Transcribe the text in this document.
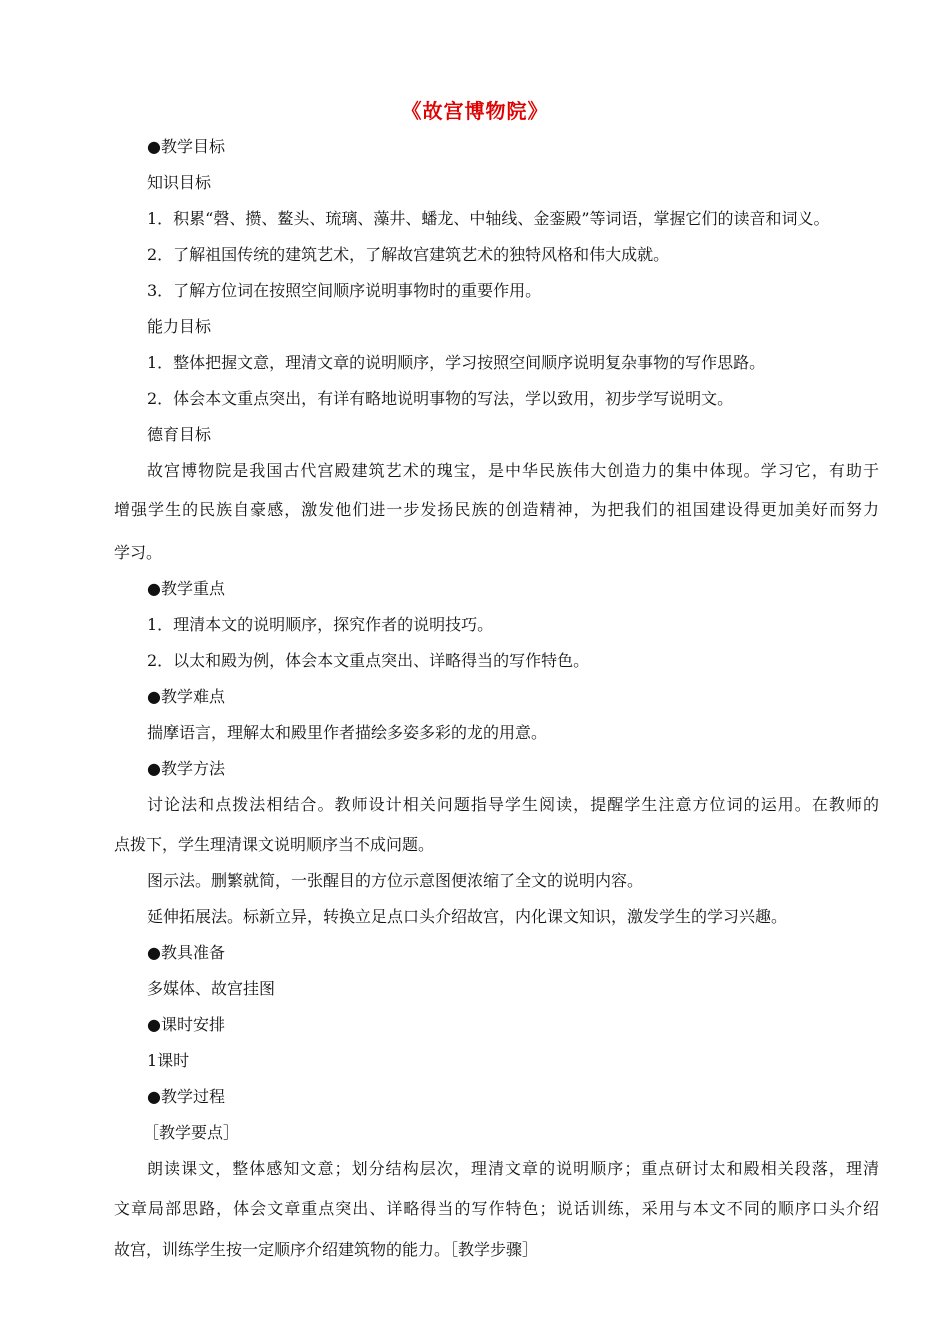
《故宫博物院》
●教学目标
知识目标
1．积累“磬、攒、鳌头、琉璃、藻井、蟠龙、中轴线、金銮殿”等词语，掌握它们的读音和词义。
2．了解祖国传统的建筑艺术，了解故宫建筑艺术的独特风格和伟大成就。
3．了解方位词在按照空间顺序说明事物时的重要作用。
能力目标
1．整体把握文意，理清文章的说明顺序，学习按照空间顺序说明复杂事物的写作思路。
2．体会本文重点突出，有详有略地说明事物的写法，学以致用，初步学写说明文。
德育目标
故宫博物院是我国古代宫殿建筑艺术的瑰宝，是中华民族伟大创造力的集中体现。学习它，有助于
增强学生的民族自豪感，激发他们进一步发扬民族的创造精神，为把我们的祖国建设得更加美好而努力
学习。
●教学重点
1．理清本文的说明顺序，探究作者的说明技巧。
2．以太和殿为例，体会本文重点突出、详略得当的写作特色。
●教学难点
揣摩语言，理解太和殿里作者描绘多姿多彩的龙的用意。
●教学方法
讨论法和点拨法相结合。教师设计相关问题指导学生阅读，提醒学生注意方位词的运用。在教师的
点拨下，学生理清课文说明顺序当不成问题。
图示法。删繁就简，一张醒目的方位示意图便浓缩了全文的说明内容。
延伸拓展法。标新立异，转换立足点口头介绍故宫，内化课文知识，激发学生的学习兴趣。
●教具准备
多媒体、故宫挂图
●课时安排
1课时
●教学过程
［教学要点］
朗读课文，整体感知文意；划分结构层次，理清文章的说明顺序；重点研讨太和殿相关段落，理清
文章局部思路，体会文章重点突出、详略得当的写作特色；说话训练，采用与本文不同的顺序口头介绍
故宫，训练学生按一定顺序介绍建筑物的能力。［教学步骤］
